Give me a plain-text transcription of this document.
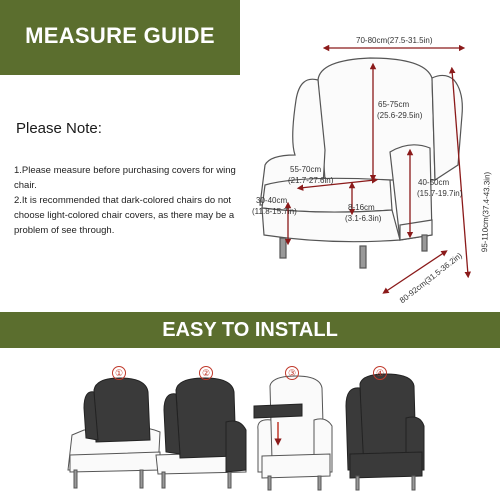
MEASURE GUIDE
Please Note:

1.Please measure before purchasing covers for wing chair.

2.It is recommended that dark-colored chairs do not choose light-colored chair covers, as there may be a problem of see through.

70-80cm(27.5-31.5in)
65-75cm
(25.6-29.5in)
95-110cm(37.4-43.3in)
55-70cm
(21.7-27.6in)	40-50cm
(15.7-19.7in)
30-40cm
(11.8-15.7in)	8-16cm
(3.1-6.3in)
80-92cm(31.5-36.2in)
EASY TO INSTALL
①	②	③	④
